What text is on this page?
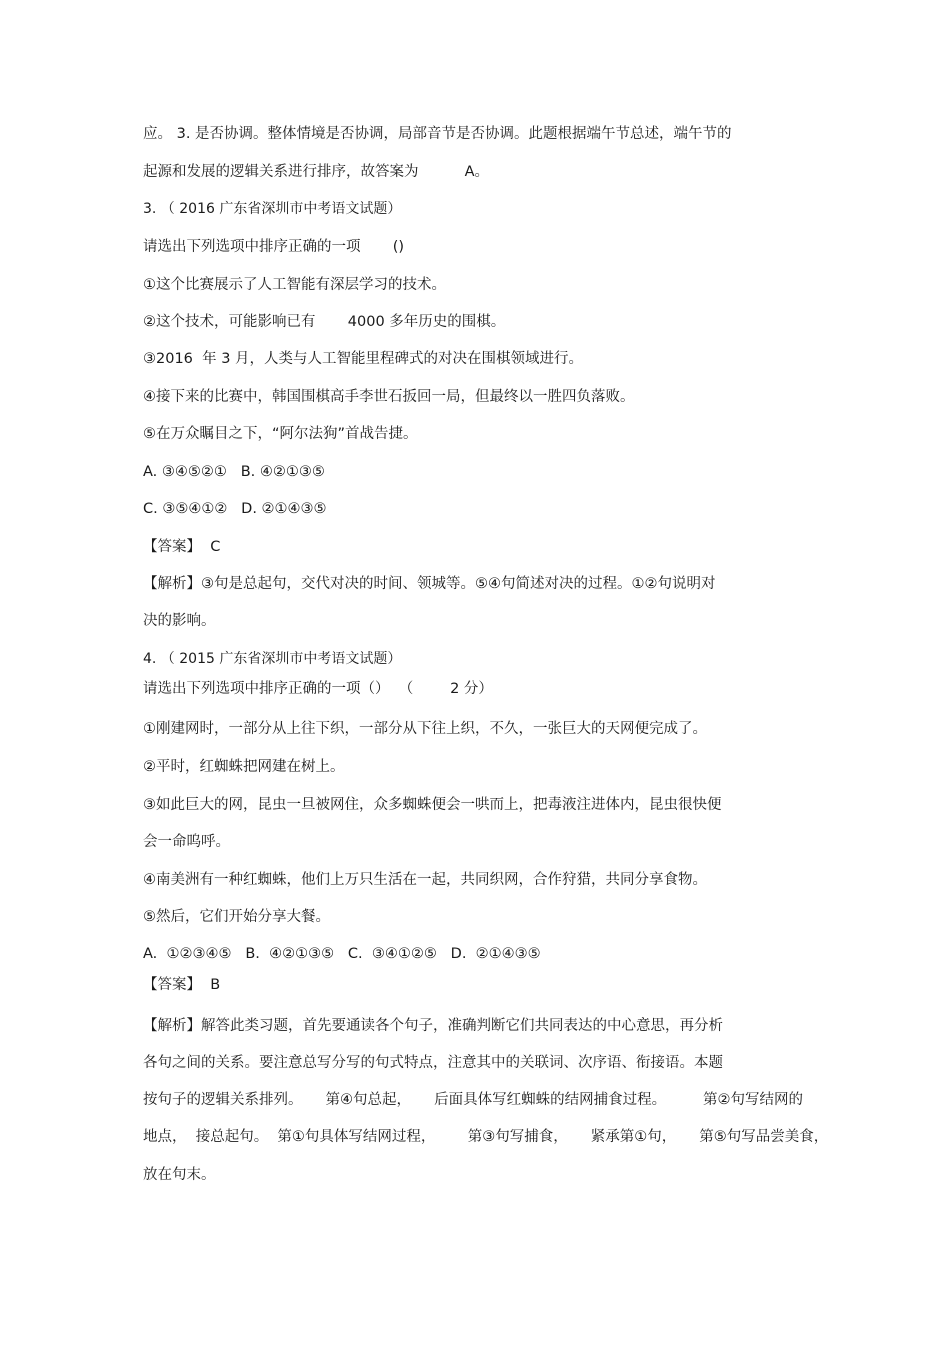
应。 3. 是否协调。整体情境是否协调，局部音节是否协调。此题根据端午节总述，端午节的
起源和发展的逻辑关系进行排序，故答案为          A。
3. （ 2016 广东省深圳市中考语文试题）
请选出下列选项中排序正确的一项       ()
①这个比赛展示了人工智能有深层学习的技术。
②这个技术，可能影响已有       4000 多年历史的围棋。
③2016  年 3 月，人类与人工智能里程碑式的对决在围棋领域进行。
④接下来的比赛中，韩国围棋高手李世石扳回一局，但最终以一胜四负落败。
⑤在万众瞩目之下，“阿尔法狗”首战告捷。
A. ③④⑤②①   B. ④②①③⑤
C. ③⑤④①②   D. ②①④③⑤
【答案】  C
【解析】③句是总起句，交代对决的时间、领城等。⑤④句简述对决的过程。①②句说明对
决的影响。
4. （ 2015 广东省深圳市中考语文试题）
请选出下列选项中排序正确的一项（）  （        2 分）
①刚建网时，一部分从上往下织，一部分从下往上织，不久，一张巨大的天网便完成了。
②平时，红蜘蛛把网建在树上。
③如此巨大的网，昆虫一旦被网住，众多蜘蛛便会一哄而上，把毒液注进体内，昆虫很快便
会一命呜呼。
④南美洲有一种红蜘蛛，他们上万只生活在一起，共同织网，合作狩猎，共同分享食物。
⑤然后，它们开始分享大餐。
A.  ①②③④⑤   B.  ④②①③⑤   C.  ③④①②⑤   D.  ②①④③⑤
【答案】  B
【解析】解答此类习题，首先要通读各个句子，准确判断它们共同表达的中心意思，再分析
各句之间的关系。要注意总写分写的句式特点，注意其中的关联词、次序语、衔接语。本题
按句子的逻辑关系排列。     第④句总起，     后面具体写红蜘蛛的结网捕食过程。        第②句写结网的
地点，  接总起句。  第①句具体写结网过程，       第③句写捕食，     紧承第①句，     第⑤句写品尝美食，
放在句末。
